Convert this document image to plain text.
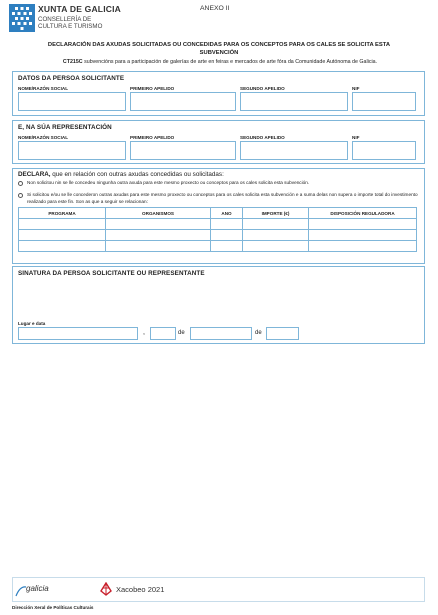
XUNTA DE GALICIA
CONSELLERÍA DE
CULTURA E TURISMO
ANEXO II
DECLARACIÓN DAS AXUDAS SOLICITADAS OU CONCEDIDAS PARA OS CONCEPTOS PARA OS CALES SE SOLICITA ESTA
SUBVENCIÓN
CT215C subvencións para a participación de galerías de arte en feiras e mercados de arte fóra da Comunidade Autónoma de Galicia.
DATOS DA PERSOA SOLICITANTE
NOME/RAZÓN SOCIAL	PRIMEIRO APELIDO	SEGUNDO APELIDO	NIF
E, NA SÚA REPRESENTACIÓN
NOME/RAZÓN SOCIAL	PRIMEIRO APELIDO	SEGUNDO APELIDO	NIF
DECLARA, que en relación con outras axudas concedidas ou solicitadas:
Non solicitou nin se lle concedeu ningunha outra axuda para este mesmo proxecto ou conceptos para os cales solicita esta subvención.
Si solicitou e/ou se lle concederon outras axudas para este mesmo proxecto ou conceptos para os cales solicita esta subvención e a suma delas non supera o importe total do investimento realizado para este fin. Son as que a seguir se relacionan:
PROGRAMA	ORGANISMOS	ANO	IMPORTE (€)	DISPOSICIÓN REGULADORA

SINATURA DA PERSOA SOLICITANTE OU REPRESENTANTE
Lugar e data
,	de	de
galicia	Xacobeo 2021
Dirección Xeral de Políticas Culturais
